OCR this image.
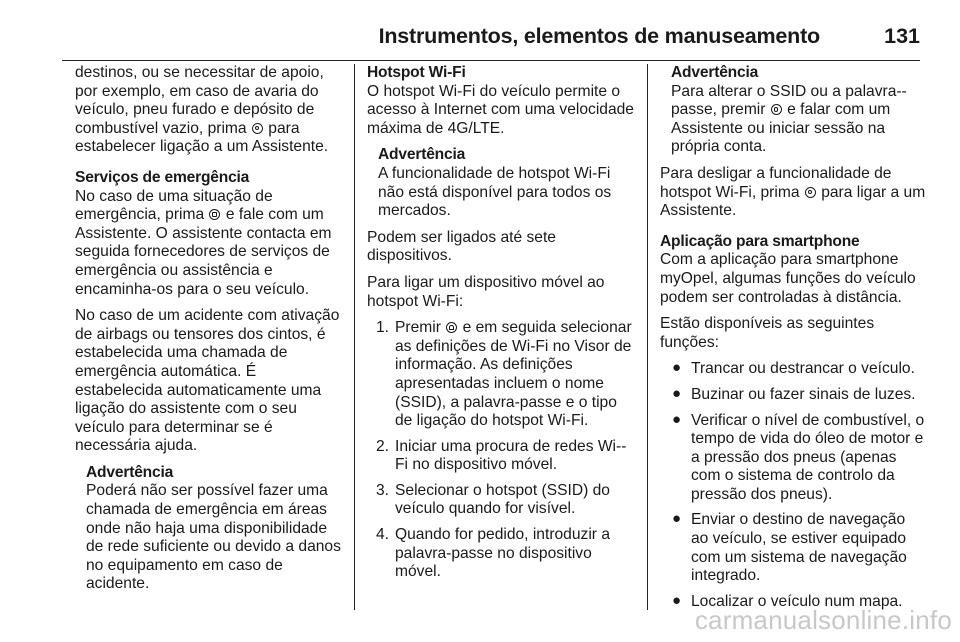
Instrumentos, elementos de manuseamento	131

destinos, ou se necessitar de apoio, por exemplo, em caso de avaria do veículo, pneu furado e depósito de combustível vazio, prima para estabelecer ligação a um Assistente.

Serviços de emergência

No caso de uma situação de emergência, prima e fale com um Assistente. O assistente contacta em seguida fornecedores de serviços de emergência ou assistência e encaminha-os para o seu veículo.

No caso de um acidente com ativação de airbags ou tensores dos cintos, é estabelecida uma chamada de emergência automática. É estabelecida automaticamente uma ligação do assistente com o seu veículo para determinar se é necessária ajuda.

Advertência
Poderá não ser possível fazer uma chamada de emergência em áreas onde não haja uma disponibilidade de rede suficiente ou devido a danos no equipamento em caso de acidente.
Hotspot Wi-Fi

O hotspot Wi-Fi do veículo permite o acesso à Internet com uma velocidade máxima de 4G/LTE.

Advertência
A funcionalidade de hotspot Wi-Fi não está disponível para todos os mercados.

Podem ser ligados até sete dispositivos.

Para ligar um dispositivo móvel ao hotspot Wi-Fi:

1. Premir e em seguida selecionar as definições de Wi-Fi no Visor de informação. As definições apresentadas incluem o nome (SSID), a palavra-passe e o tipo de ligação do hotspot Wi-Fi.
2. Iniciar uma procura de redes Wi--Fi no dispositivo móvel.
3. Selecionar o hotspot (SSID) do veículo quando for visível.
4. Quando for pedido, introduzir a palavra-passe no dispositivo móvel.
Advertência
Para alterar o SSID ou a palavra--passe, premir e falar com um Assistente ou iniciar sessão na própria conta.

Para desligar a funcionalidade de hotspot Wi-Fi, prima para ligar a um Assistente.

Aplicação para smartphone

Com a aplicação para smartphone myOpel, algumas funções do veículo podem ser controladas à distância.

Estão disponíveis as seguintes funções:

● Trancar ou destrancar o veículo.
● Buzinar ou fazer sinais de luzes.
● Verificar o nível de combustível, o tempo de vida do óleo de motor e a pressão dos pneus (apenas com o sistema de controlo da pressão dos pneus).
● Enviar o destino de navegação ao veículo, se estiver equipado com um sistema de navegação integrado.
● Localizar o veículo num mapa.
carmanualsonline.info
